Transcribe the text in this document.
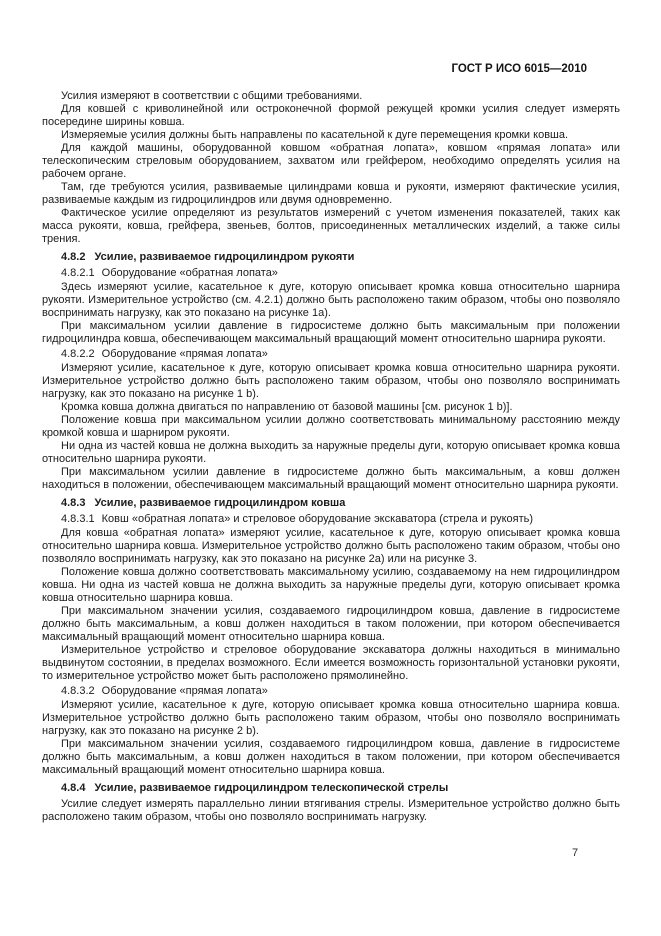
ГОСТ Р ИСО 6015—2010

Усилия измеряют в соответствии с общими требованиями.

Для ковшей с криволинейной или остроконечной формой режущей кромки усилия следует измерять посередине ширины ковша.

Измеряемые усилия должны быть направлены по касательной к дуге перемещения кромки ковша.

Для каждой машины, оборудованной ковшом «обратная лопата», ковшом «прямая лопата» или телескопическим стреловым оборудованием, захватом или грейфером, необходимо определять усилия на рабочем органе.

Там, где требуются усилия, развиваемые цилиндрами ковша и рукояти, измеряют фактические усилия, развиваемые каждым из гидроцилиндров или двумя одновременно.

Фактическое усилие определяют из результатов измерений с учетом изменения показателей, таких как масса рукояти, ковша, грейфера, звеньев, болтов, присоединенных металлических изделий, а также силы трения.

4.8.2 Усилие, развиваемое гидроцилиндром рукояти

4.8.2.1 Оборудование «обратная лопата»

Здесь измеряют усилие, касательное к дуге, которую описывает кромка ковша относительно шарнира рукояти. Измерительное устройство (см. 4.2.1) должно быть расположено таким образом, чтобы оно позволяло воспринимать нагрузку, как это показано на рисунке 1а).

При максимальном усилии давление в гидросистеме должно быть максимальным при положении гидроцилиндра ковша, обеспечивающем максимальный вращающий момент относительно шарнира рукояти.

4.8.2.2 Оборудование «прямая лопата»

Измеряют усилие, касательное к дуге, которую описывает кромка ковша относительно шарнира рукояти. Измерительное устройство должно быть расположено таким образом, чтобы оно позволяло воспринимать нагрузку, как это показано на рисунке 1 b).

Кромка ковша должна двигаться по направлению от базовой машины [см. рисунок 1 b)].

Положение ковша при максимальном усилии должно соответствовать минимальному расстоянию между кромкой ковша и шарниром рукояти.

Ни одна из частей ковша не должна выходить за наружные пределы дуги, которую описывает кромка ковша относительно шарнира рукояти.

При максимальном усилии давление в гидросистеме должно быть максимальным, а ковш должен находиться в положении, обеспечивающем максимальный вращающий момент относительно шарнира рукояти.

4.8.3 Усилие, развиваемое гидроцилиндром ковша

4.8.3.1 Ковш «обратная лопата» и стреловое оборудование экскаватора (стрела и рукоять)

Для ковша «обратная лопата» измеряют усилие, касательное к дуге, которую описывает кромка ковша относительно шарнира ковша. Измерительное устройство должно быть расположено таким образом, чтобы оно позволяло воспринимать нагрузку, как это показано на рисунке 2а) или на рисунке 3.

Положение ковша должно соответствовать максимальному усилию, создаваемому на нем гидроцилиндром ковша. Ни одна из частей ковша не должна выходить за наружные пределы дуги, которую описывает кромка ковша относительно шарнира ковша.

При максимальном значении усилия, создаваемого гидроцилиндром ковша, давление в гидросистеме должно быть максимальным, а ковш должен находиться в таком положении, при котором обеспечивается максимальный вращающий момент относительно шарнира ковша.

Измерительное устройство и стреловое оборудование экскаватора должны находиться в минимально выдвинутом состоянии, в пределах возможного. Если имеется возможность горизонтальной установки рукояти, то измерительное устройство может быть расположено прямолинейно.

4.8.3.2 Оборудование «прямая лопата»

Измеряют усилие, касательное к дуге, которую описывает кромка ковша относительно шарнира ковша. Измерительное устройство должно быть расположено таким образом, чтобы оно позволяло воспринимать нагрузку, как это показано на рисунке 2 b).

При максимальном значении усилия, создаваемого гидроцилиндром ковша, давление в гидросистеме должно быть максимальным, а ковш должен находиться в таком положении, при котором обеспечивается максимальный вращающий момент относительно шарнира ковша.

4.8.4 Усилие, развиваемое гидроцилиндром телескопической стрелы

Усилие следует измерять параллельно линии втягивания стрелы. Измерительное устройство должно быть расположено таким образом, чтобы оно позволяло воспринимать нагрузку.

7
